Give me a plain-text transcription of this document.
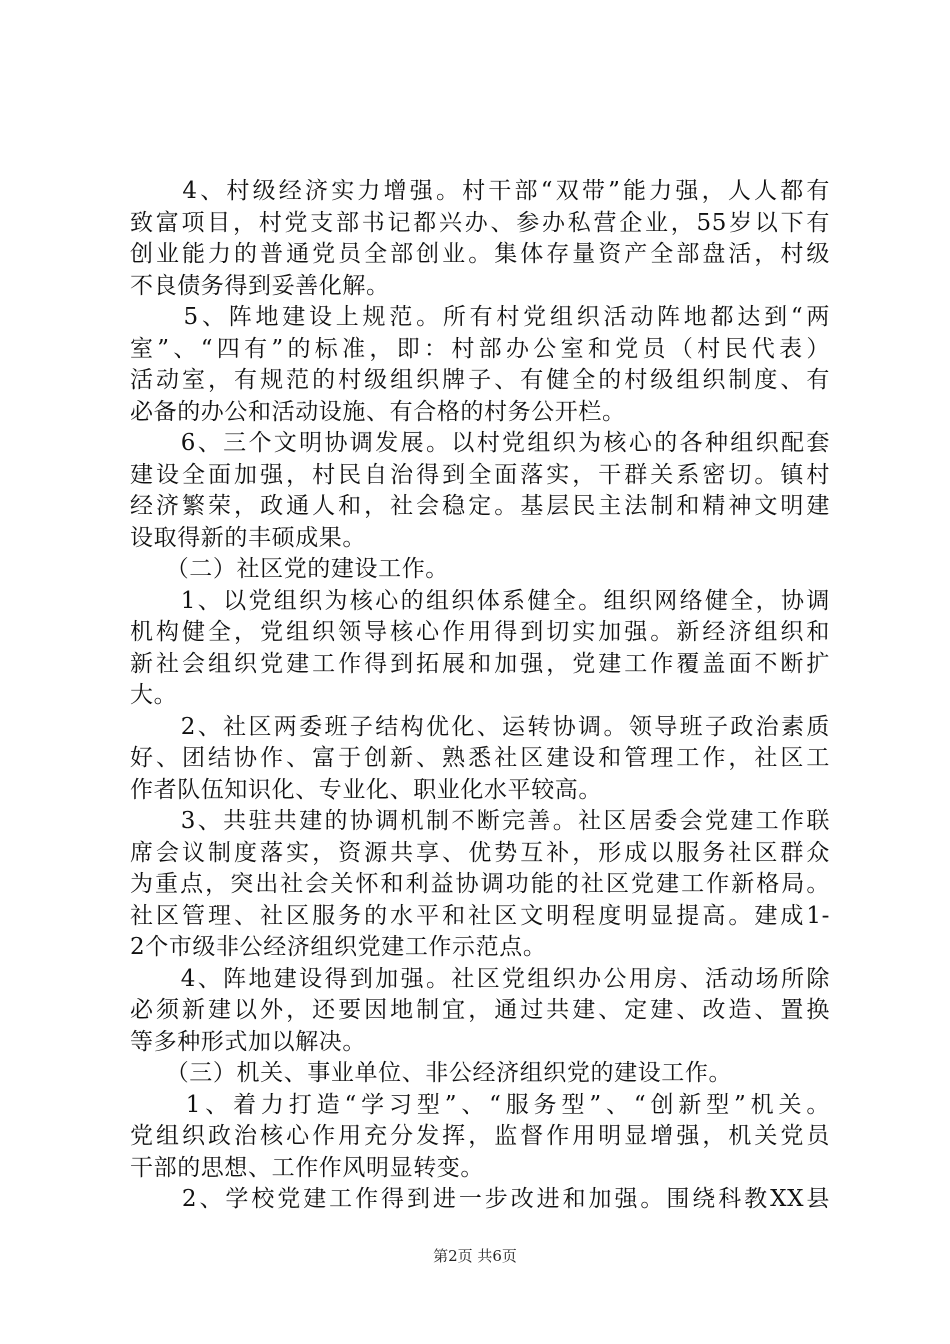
　　4、村级经济实力增强。村干部“双带”能力强，人人都有
致富项目，村党支部书记都兴办、参办私营企业，55岁以下有
创业能力的普通党员全部创业。集体存量资产全部盘活，村级
不良债务得到妥善化解。
　　5、阵地建设上规范。所有村党组织活动阵地都达到“两
室”、“四有”的标准，即：村部办公室和党员（村民代表）
活动室，有规范的村级组织牌子、有健全的村级组织制度、有
必备的办公和活动设施、有合格的村务公开栏。
　　6、三个文明协调发展。以村党组织为核心的各种组织配套
建设全面加强，村民自治得到全面落实，干群关系密切。镇村
经济繁荣，政通人和，社会稳定。基层民主法制和精神文明建
设取得新的丰硕成果。
　　（二）社区党的建设工作。
　　1、以党组织为核心的组织体系健全。组织网络健全，协调
机构健全，党组织领导核心作用得到切实加强。新经济组织和
新社会组织党建工作得到拓展和加强，党建工作覆盖面不断扩
大。
　　2、社区两委班子结构优化、运转协调。领导班子政治素质
好、团结协作、富于创新、熟悉社区建设和管理工作，社区工
作者队伍知识化、专业化、职业化水平较高。
　　3、共驻共建的协调机制不断完善。社区居委会党建工作联
席会议制度落实，资源共享、优势互补，形成以服务社区群众
为重点，突出社会关怀和利益协调功能的社区党建工作新格局。
社区管理、社区服务的水平和社区文明程度明显提高。建成1-
2个市级非公经济组织党建工作示范点。
　　4、阵地建设得到加强。社区党组织办公用房、活动场所除
必须新建以外，还要因地制宜，通过共建、定建、改造、置换
等多种形式加以解决。
　　（三）机关、事业单位、非公经济组织党的建设工作。
　　1、着力打造“学习型”、“服务型”、“创新型”机关。
党组织政治核心作用充分发挥，监督作用明显增强，机关党员
干部的思想、工作作风明显转变。
　　2、学校党建工作得到进一步改进和加强。围绕科教XX县
第2页 共6页
